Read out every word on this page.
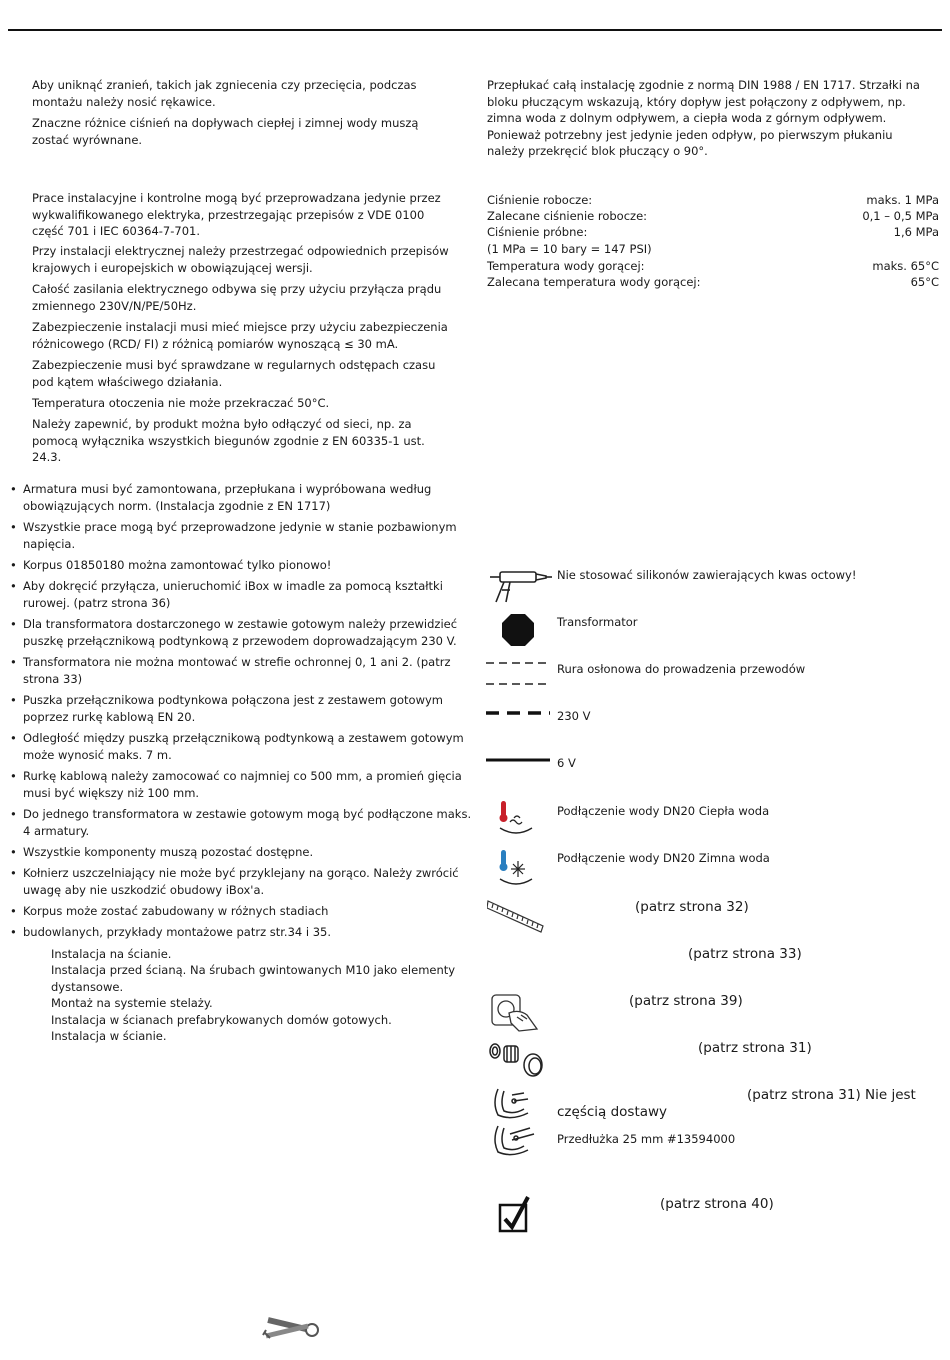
Aby uniknąć zranień, takich jak zgniecenia czy przecięcia, podczas montażu należy nosić rękawice.

Znaczne różnice ciśnień na dopływach ciepłej i zimnej wody muszą zostać wyrównane.

Prace instalacyjne i kontrolne mogą być przeprowadzana jedynie przez wykwalifikowanego elektryka, przestrzegając przepisów z VDE 0100 część 701 i IEC 60364-7-701.

Przy instalacji elektrycznej należy przestrzegać odpowiednich przepisów krajowych i europejskich w obowiązującej wersji.

Całość zasilania elektrycznego odbywa się przy użyciu przyłącza prądu zmiennego 230V/N/PE/50Hz.

Zabezpieczenie instalacji musi mieć miejsce przy użyciu zabezpieczenia różnicowego (RCD/ FI) z różnicą pomiarów wynoszącą ≤ 30 mA.

Zabezpieczenie musi być sprawdzane w regularnych odstępach czasu pod kątem właściwego działania.

Temperatura otoczenia nie może przekraczać 50°C.

Należy zapewnić, by produkt można było odłączyć od sieci, np. za pomocą wyłącznika wszystkich biegunów zgodnie z EN 60335-1 ust. 24.3.

• Armatura musi być zamontowana, przepłukana i wypróbowana według obowiązujących norm. (Instalacja zgodnie z EN 1717)

• Wszystkie prace mogą być przeprowadzone jedynie w stanie pozbawionym napięcia.

• Korpus 01850180 można zamontować tylko pionowo!

• Aby dokręcić przyłącza, unieruchomić iBox w imadle za pomocą kształtki rurowej. (patrz strona 36)

• Dla transformatora dostarczonego w zestawie gotowym należy przewidzieć puszkę przełącznikową podtynkową z przewodem doprowadzającym 230 V.

• Transformatora nie można montować w strefie ochronnej 0, 1 ani 2. (patrz strona 33)

• Puszka przełącznikowa podtynkowa połączona jest z zestawem gotowym poprzez rurkę kablową EN 20.

• Odległość między puszką przełącznikową podtynkową a zestawem gotowym może wynosić maks. 7 m.

• Rurkę kablową należy zamocować co najmniej co 500 mm, a promień gięcia musi być większy niż 100 mm.

• Do jednego transformatora w zestawie gotowym mogą być podłączone maks. 4 armatury.

• Wszystkie komponenty muszą pozostać dostępne.

• Kołnierz uszczelniający nie może być przyklejany na gorąco. Należy zwrócić uwagę aby nie uszkodzić obudowy iBox'a.

• Korpus może zostać zabudowany w różnych stadiach

• budowlanych, przykłady montażowe patrz str.34 i 35.

Instalacja na ścianie.

Instalacja przed ścianą. Na śrubach gwintowanych M10 jako elementy dystansowe.

Montaż na systemie stelaży.

Instalacja w ścianach prefabrykowanych domów gotowych.

Instalacja w ścianie.

Przepłukać całą instalację zgodnie z normą DIN 1988 / EN 1717. Strzałki na bloku płuczącym wskazują, który dopływ jest połączony z odpływem, np. zimna woda z dolnym odpływem, a ciepła woda z górnym odpływem. Ponieważ potrzebny jest jedynie jeden odpływ, po pierwszym płukaniu należy przekręcić blok płuczący o 90°.

Ciśnienie robocze:	maks. 1 MPa
Zalecane ciśnienie robocze:	0,1 – 0,5 MPa
Ciśnienie próbne:	1,6 MPa
(1 MPa = 10 bary = 147 PSI)
Temperatura wody gorącej:	maks. 65°C
Zalecana temperatura wody gorącej:	65°C

Nie stosować silikonów zawierających kwas octowy!

Transformator

Rura osłonowa do prowadzenia przewodów

230 V

6 V

Podłączenie wody DN20 Ciepła woda

Podłączenie wody DN20 Zimna woda

(patrz strona 32)

(patrz strona 33)

(patrz strona 39)

(patrz strona 31)

(patrz strona 31) Nie jest

częścią dostawy

Przedłużka 25 mm #13594000

(patrz strona 40)
